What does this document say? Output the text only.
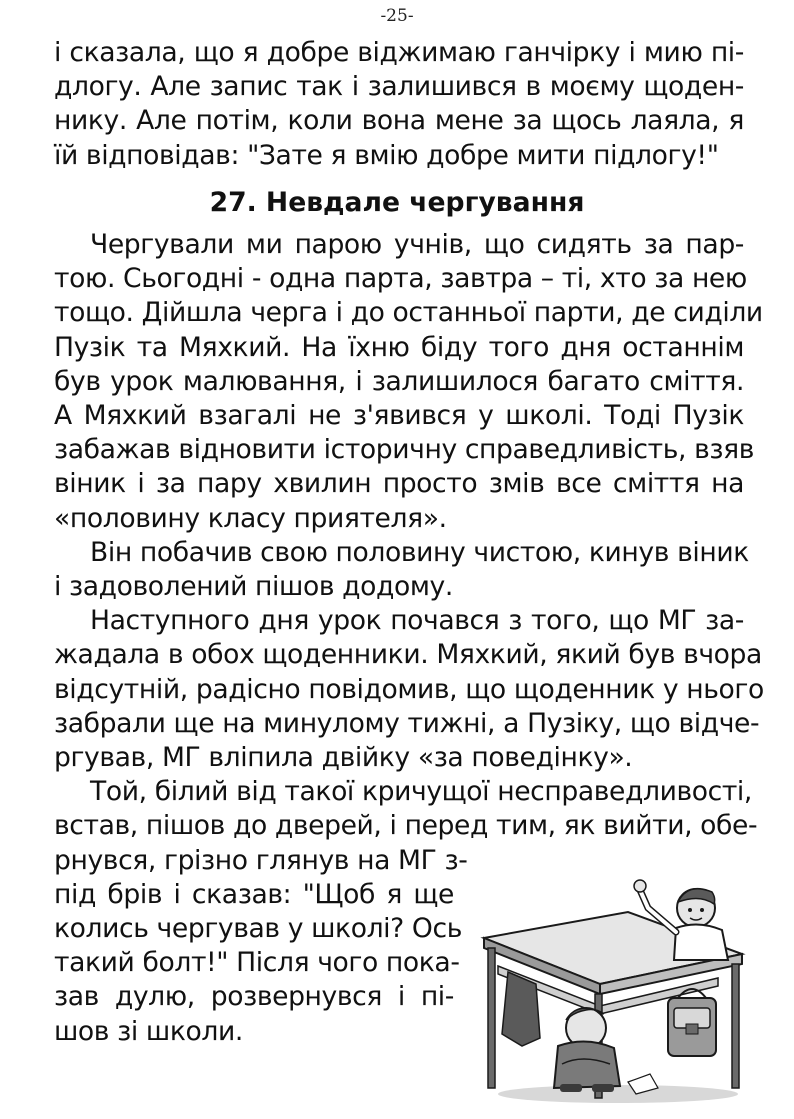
-25-
і сказала, що я добре віджимаю ганчірку і мию пі-
длогу. Але запис так і залишився в моєму щоден-
нику. Але потім, коли вона мене за щось лаяла, я
їй відповідав: "Зате я вмію добре мити підлогу!"
27. Невдале чергування
Чергували ми парою учнів, що сидять за пар-
тою. Сьогодні - одна парта, завтра – ті, хто за нею
тощо. Дійшла черга і до останньої парти, де сиділи
Пузік та Мяхкий. На їхню біду того дня останнім
був урок малювання, і залишилося багато сміття.
А Мяхкий взагалі не з'явився у школі. Тоді Пузік
забажав відновити історичну справедливість, взяв
віник і за пару хвилин просто змів все сміття на
«половину класу приятеля».
Він побачив свою половину чистою, кинув віник
і задоволений пішов додому.
Наступного дня урок почався з того, що МГ за-
жадала в обох щоденники. Мяхкий, який був вчора
відсутній, радісно повідомив, що щоденник у нього
забрали ще на минулому тижні, а Пузіку, що відче-
ргував, МГ вліпила двійку «за поведінку».
Той, білий від такої кричущої несправедливості,
встав, пішов до дверей, і перед тим, як вийти, обе-
рнувся, грізно глянув на МГ з-
під брів і сказав: "Щоб я ще
колись чергував у школі? Ось
такий болт!" Після чого пока-
зав дулю, розвернувся і пі-
шов зі школи.
